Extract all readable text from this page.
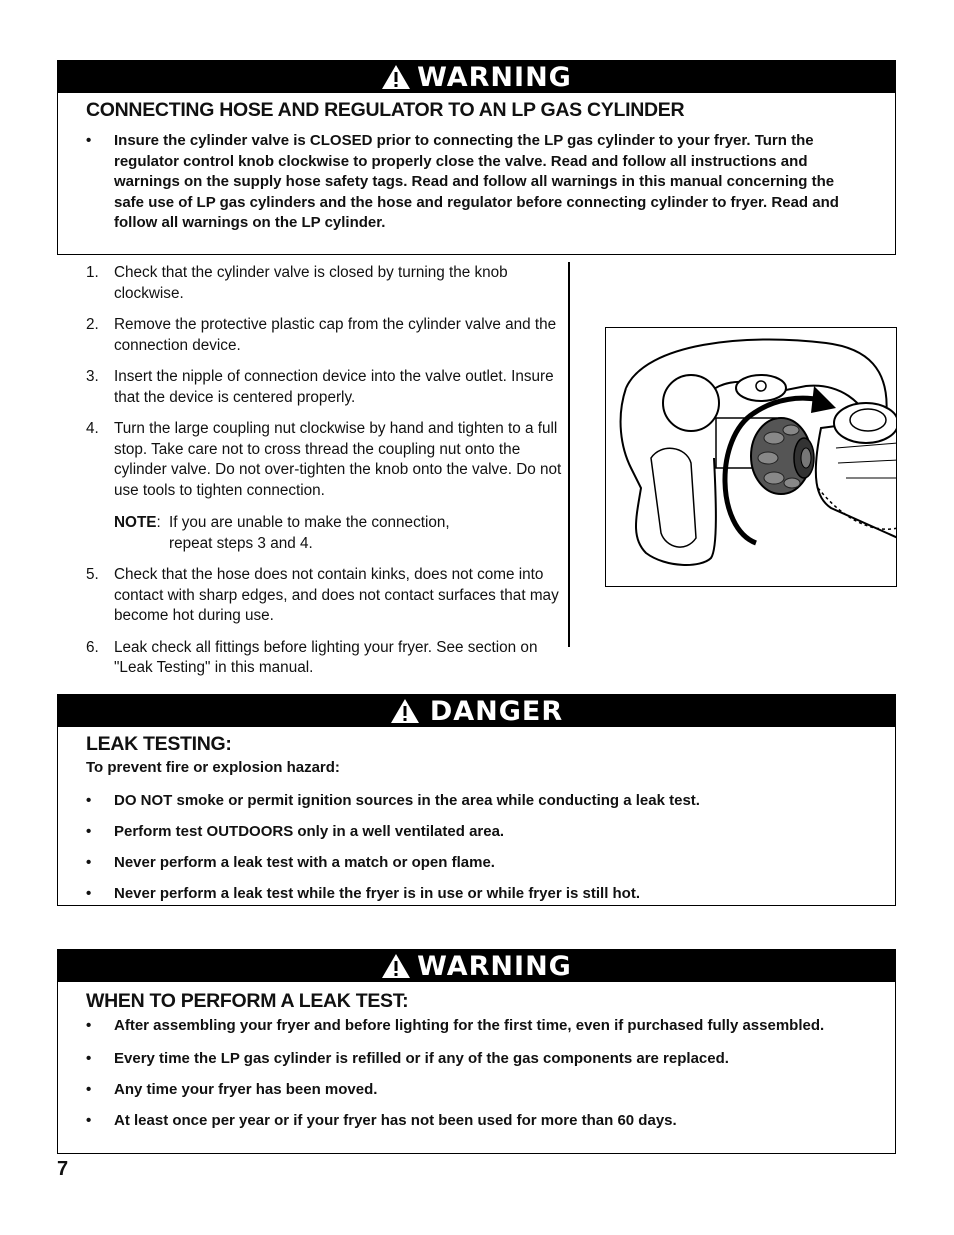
WARNING
CONNECTING HOSE AND REGULATOR TO AN LP GAS CYLINDER
• Insure the cylinder valve is CLOSED prior to connecting the LP gas cylinder to your fryer. Turn the regulator control knob clockwise to properly close the valve. Read and follow all instructions and warnings on the supply hose safety tags. Read and follow all warnings in this manual concerning the safe use of LP gas cylinders and the hose and regulator before connecting cylinder to fryer. Read and follow all warnings on the LP cylinder.
1. Check that the cylinder valve is closed by turning the knob clockwise.
2. Remove the protective plastic cap from the cylinder valve and the connection device.
3. Insert the nipple of connection device into the valve outlet. Insure that the device is centered properly.
4. Turn the large coupling nut clockwise by hand and tighten to a full stop. Take care not to cross thread the coupling nut onto the cylinder valve. Do not over-tighten the knob onto the valve. Do not use tools to tighten connection.
NOTE: If you are unable to make the connection,
repeat steps 3 and 4.
5. Check that the hose does not contain kinks, does not come into contact with sharp edges, and does not contact surfaces that may become hot during use.
6. Leak check all fittings before lighting your fryer. See section on "Leak Testing" in this manual.
DANGER
LEAK TESTING:
To prevent fire or explosion hazard:
• DO NOT smoke or permit ignition sources in the area while conducting a leak test.
• Perform test OUTDOORS only in a well ventilated area.
• Never perform a leak test with a match or open flame.
• Never perform a leak test while the fryer is in use or while fryer is still hot.
WARNING
WHEN TO PERFORM A LEAK TEST:
• After assembling your fryer and before lighting for the first time, even if purchased fully assembled.
• Every time the LP gas cylinder is refilled or if any of the gas components are replaced.
• Any time your fryer has been moved.
• At least once per year or if your fryer has not been used for more than 60 days.
7
